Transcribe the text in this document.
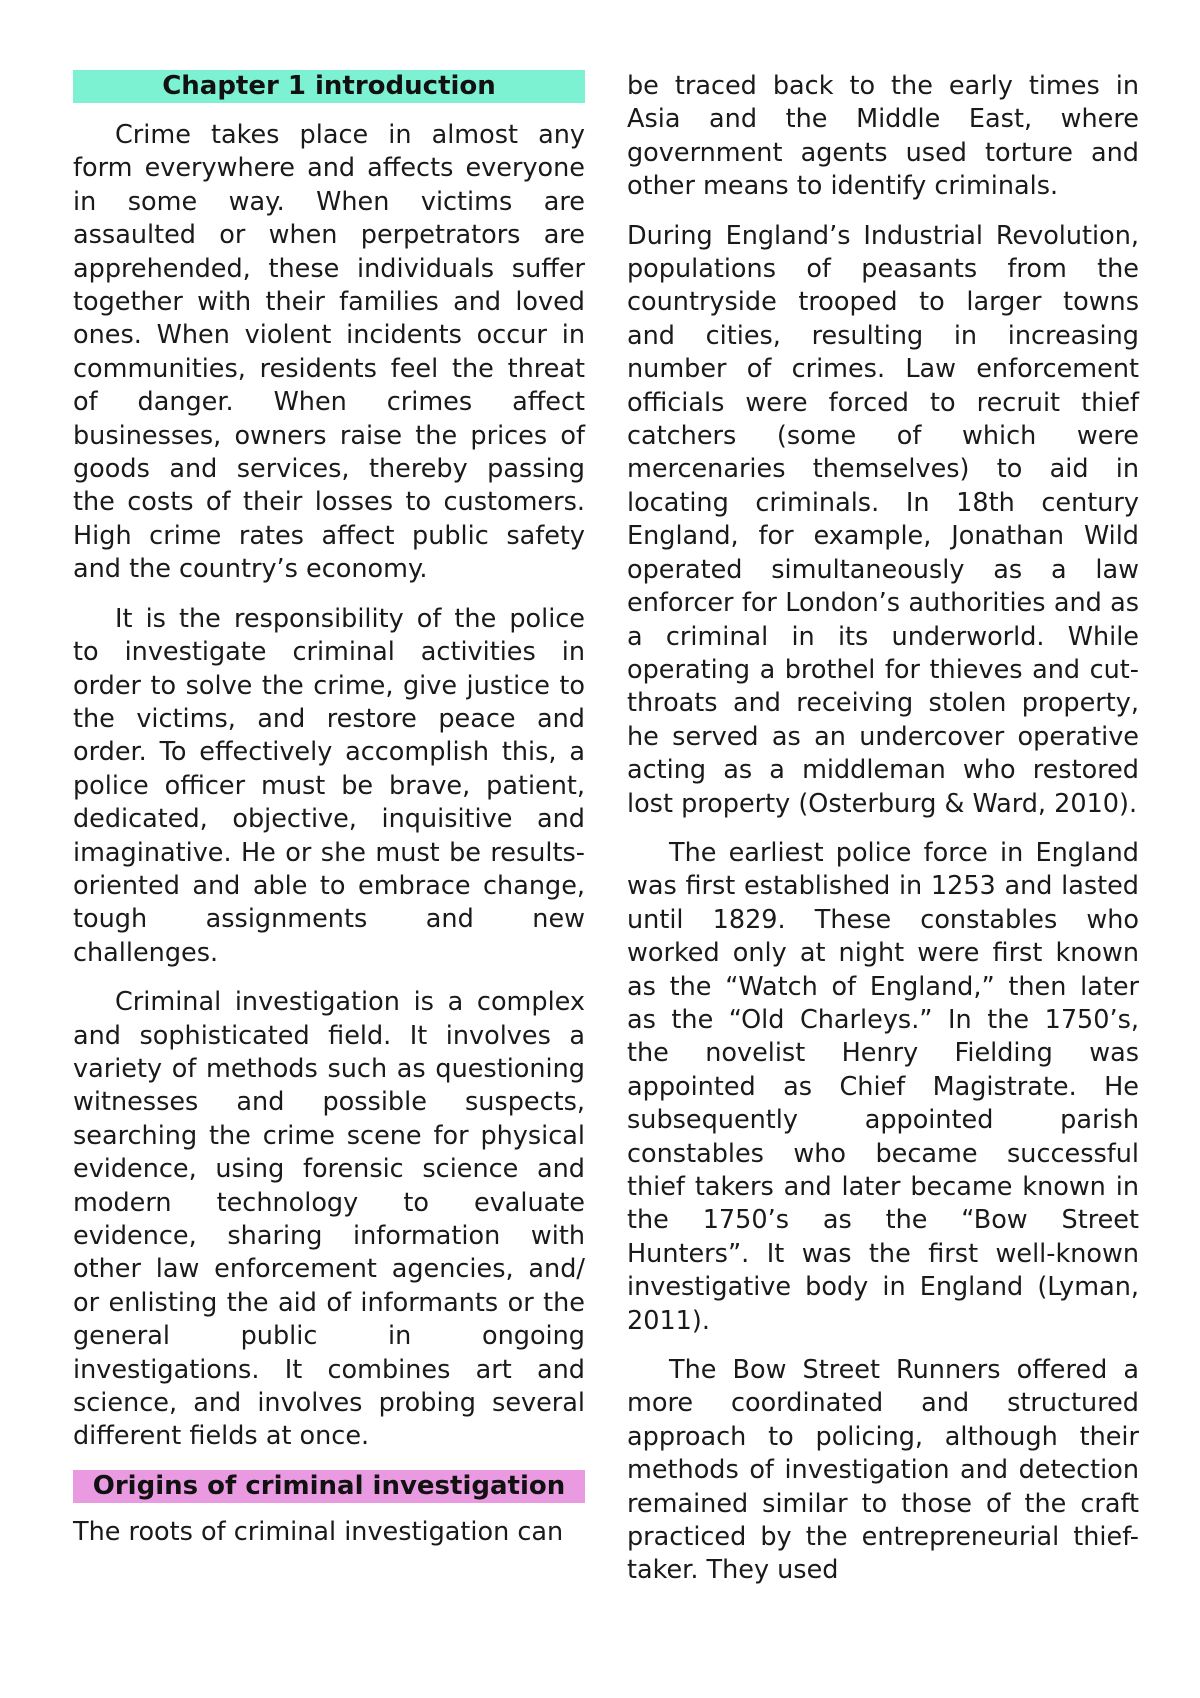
Chapter 1 introduction

Crime takes place in almost any form everywhere and affects everyone in some way. When victims are assaulted or when perpetrators are apprehended, these individuals suffer together with their families and loved ones. When violent incidents occur in communities, residents feel the threat of danger. When crimes affect businesses, owners raise the prices of goods and services, thereby passing the costs of their losses to customers. High crime rates affect public safety and the country’s economy.

It is the responsibility of the police to investigate criminal activities in order to solve the crime, give justice to the victims, and restore peace and order. To effectively accomplish this, a police officer must be brave, patient, dedicated, objective, inquisitive and imaginative. He or she must be results-oriented and able to embrace change, tough assignments and new challenges.

Criminal investigation is a complex and sophisticated field. It involves a variety of methods such as questioning witnesses and possible suspects, searching the crime scene for physical evidence, using forensic science and modern technology to evaluate evidence, sharing information with other law enforcement agencies, and/ or enlisting the aid of informants or the general public in ongoing investigations. It combines art and science, and involves probing several different fields at once.

Origins of criminal investigation

The roots of criminal investigation can

be traced back to the early times in Asia and the Middle East, where government agents used torture and other means to identify criminals.

During England’s Industrial Revolution, populations of peasants from the countryside trooped to larger towns and cities, resulting in increasing number of crimes. Law enforcement officials were forced to recruit thief catchers (some of which were mercenaries themselves) to aid in locating criminals. In 18th century England, for example, Jonathan Wild operated simultaneously as a law enforcer for London’s authorities and as a criminal in its underworld. While operating a brothel for thieves and cut-throats and receiving stolen property, he served as an undercover operative acting as a middleman who restored lost property (Osterburg & Ward, 2010).

The earliest police force in England was first established in 1253 and lasted until 1829. These constables who worked only at night were first known as the “Watch of England,” then later as the “Old Charleys.” In the 1750’s, the novelist Henry Fielding was appointed as Chief Magistrate. He subsequently appointed parish constables who became successful thief takers and later became known in the 1750’s as the “Bow Street Hunters”. It was the first well-known investigative body in England (Lyman, 2011).

The Bow Street Runners offered a more coordinated and structured approach to policing, although their methods of investigation and detection remained similar to those of the craft practiced by the entrepreneurial thief-taker. They used
